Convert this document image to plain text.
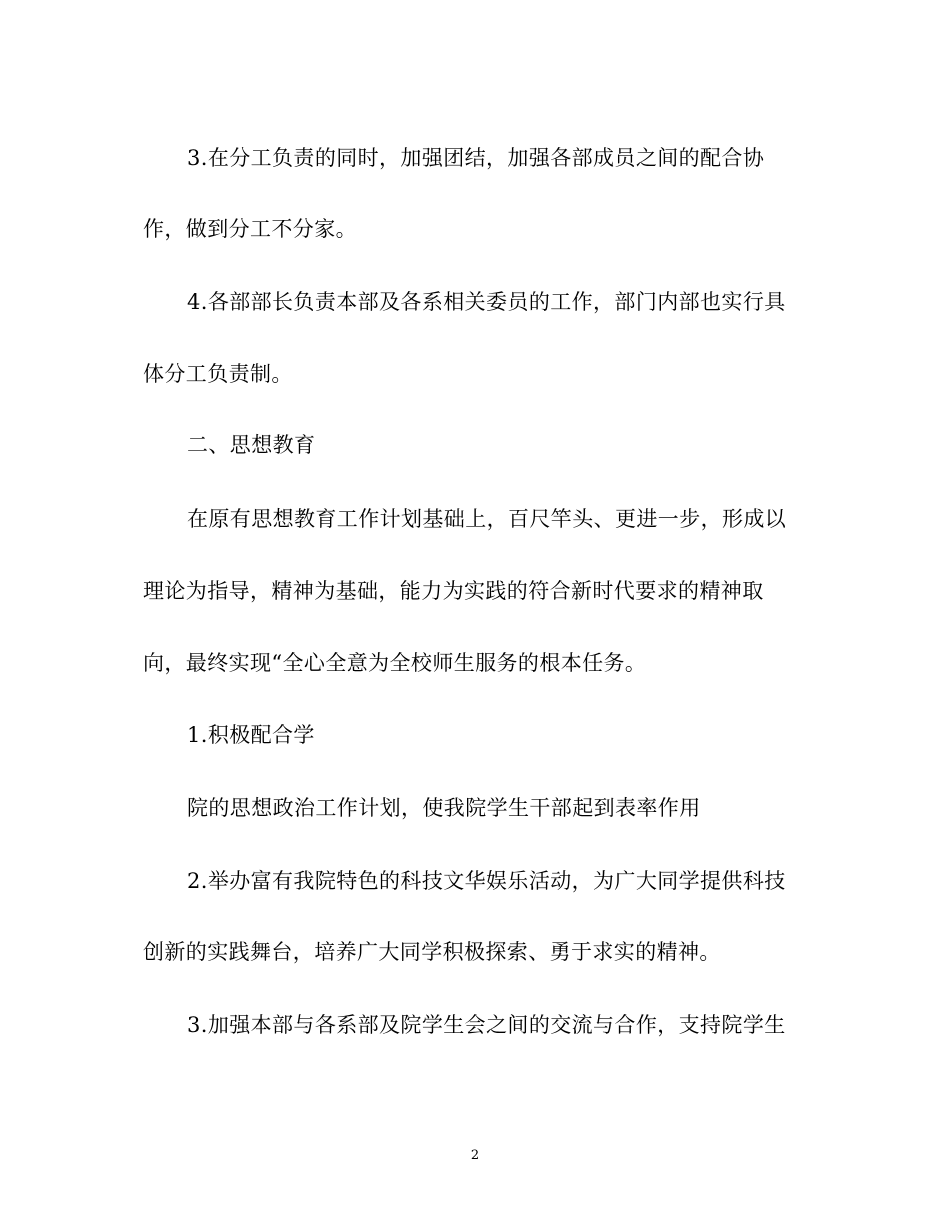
3.在分工负责的同时，加强团结，加强各部成员之间的配合协
作，做到分工不分家。
4.各部部长负责本部及各系相关委员的工作，部门内部也实行具
体分工负责制。
二、思想教育
在原有思想教育工作计划基础上，百尺竿头、更进一步，形成以
理论为指导，精神为基础，能力为实践的符合新时代要求的精神取
向，最终实现“全心全意为全校师生服务的根本任务。
1.积极配合学
院的思想政治工作计划，使我院学生干部起到表率作用
2.举办富有我院特色的科技文华娱乐活动，为广大同学提供科技
创新的实践舞台，培养广大同学积极探索、勇于求实的精神。
3.加强本部与各系部及院学生会之间的交流与合作，支持院学生
2
